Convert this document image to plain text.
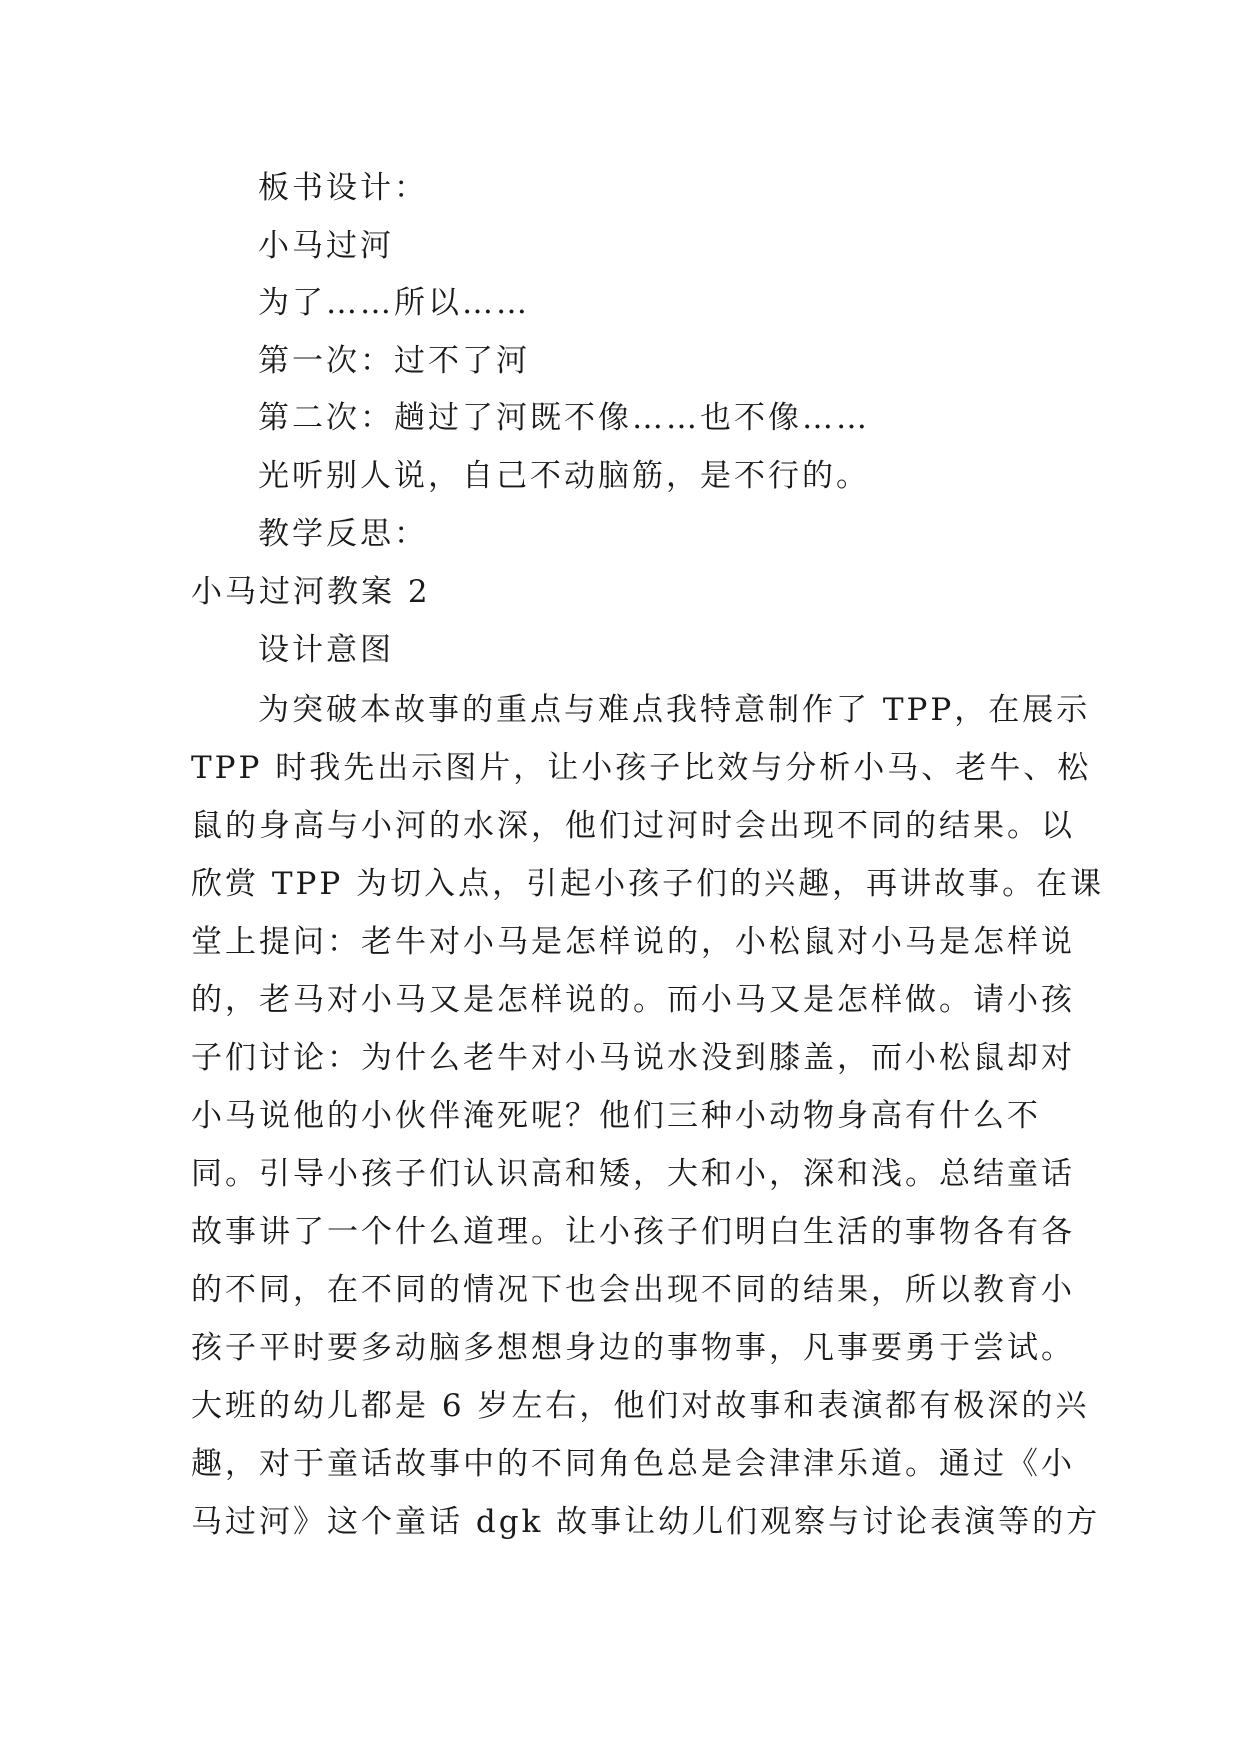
板书设计：
小马过河
为了……所以……
第一次：过不了河
第二次：趟过了河既不像……也不像……
光听别人说，自己不动脑筋，是不行的。
教学反思：
小马过河教案 2
设计意图
为突破本故事的重点与难点我特意制作了 TPP，在展示
TPP 时我先出示图片，让小孩子比效与分析小马、老牛、松
鼠的身高与小河的水深，他们过河时会出现不同的结果。以
欣赏 TPP 为切入点，引起小孩子们的兴趣，再讲故事。在课
堂上提问：老牛对小马是怎样说的，小松鼠对小马是怎样说
的，老马对小马又是怎样说的。而小马又是怎样做。请小孩
子们讨论：为什么老牛对小马说水没到膝盖，而小松鼠却对
小马说他的小伙伴淹死呢？他们三种小动物身高有什么不
同。引导小孩子们认识高和矮，大和小，深和浅。总结童话
故事讲了一个什么道理。让小孩子们明白生活的事物各有各
的不同，在不同的情况下也会出现不同的结果，所以教育小
孩子平时要多动脑多想想身边的事物事，凡事要勇于尝试。
大班的幼儿都是 6 岁左右，他们对故事和表演都有极深的兴
趣，对于童话故事中的不同角色总是会津津乐道。通过《小
马过河》这个童话 dgk 故事让幼儿们观察与讨论表演等的方
